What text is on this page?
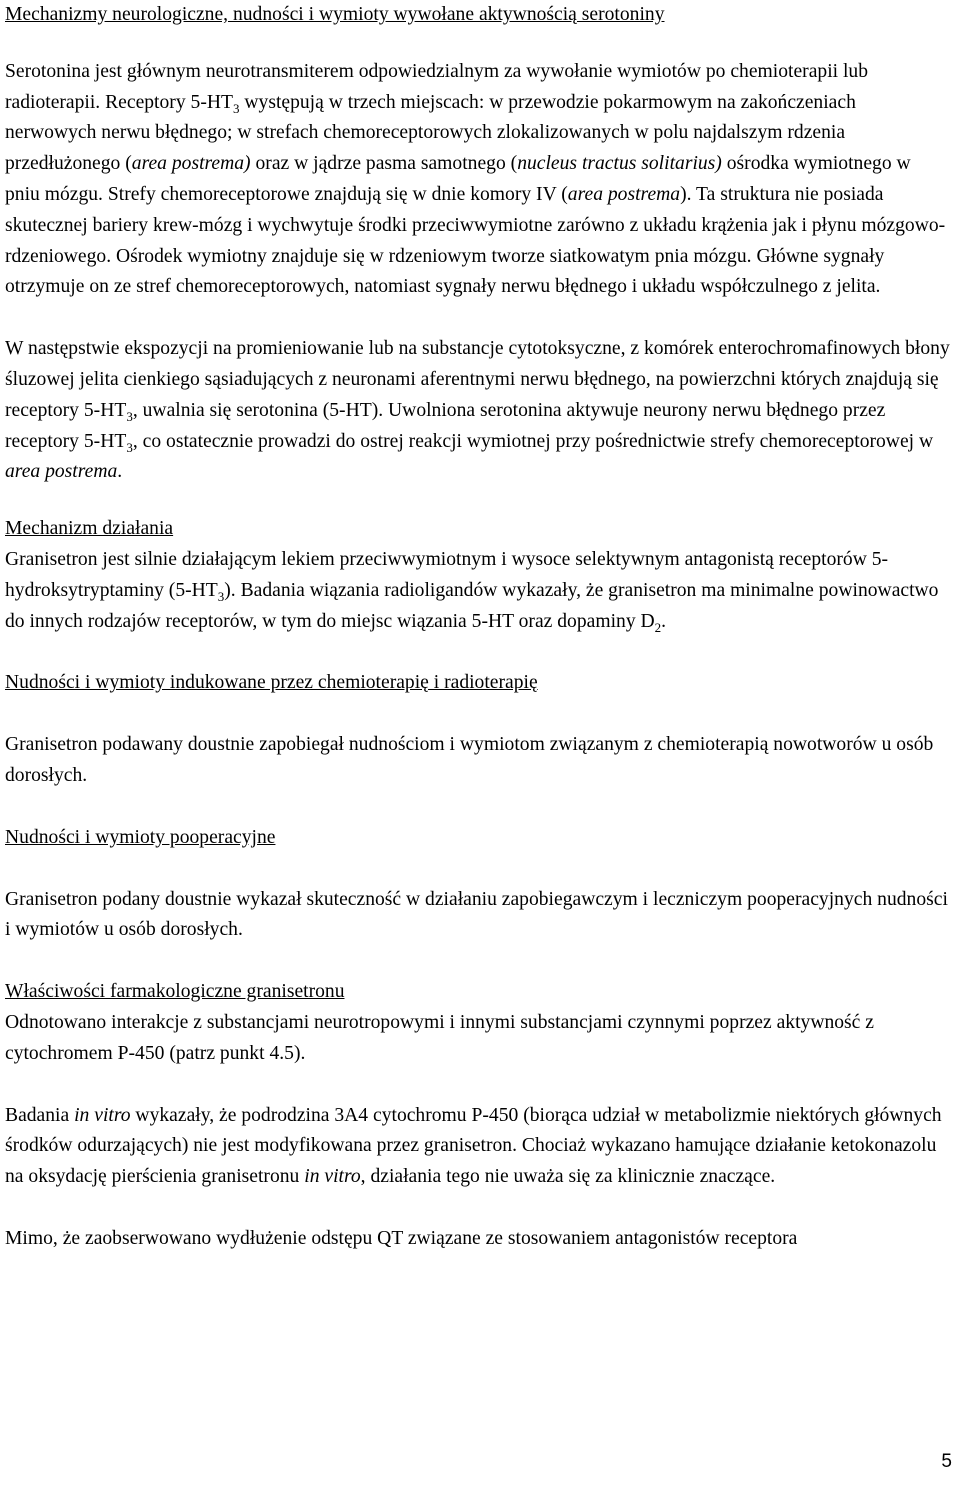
Mechanizmy neurologiczne, nudności i wymioty wywołane aktywnością serotoniny

Serotonina jest głównym neurotransmiterem odpowiedzialnym za wywołanie wymiotów po chemioterapii lub radioterapii. Receptory $5-HT_3$ występują w trzech miejscach: w przewodzie pokarmowym na zakończeniach nerwowych nerwu błędnego; w strefach chemoreceptorowych zlokalizowanych w polu najdalszym rdzenia przedłużonego (area postrema) oraz w jądrze pasma samotnego (nucleus tractus solitarius) ośrodka wymiotnego w pniu mózgu. Strefy chemoreceptorowe znajdują się w dnie komory IV (area postrema). Ta struktura nie posiada skutecznej bariery krew-mózg i wychwytuje środki przeciwwymiotne zarówno z układu krążenia jak i płynu mózgowo-rdzeniowego. Ośrodek wymiotny znajduje się w rdzeniowym tworze siatkowatym pnia mózgu. Główne sygnały otrzymuje on ze stref chemoreceptorowych, natomiast sygnały nerwu błędnego i układu współczulnego z jelita.

W następstwie ekspozycji na promieniowanie lub na substancje cytotoksyczne, z komórek enterochromafinowych błony śluzowej jelita cienkiego sąsiadujących z neuronami aferentnymi nerwu błędnego, na powierzchni których znajdują się receptory $5-HT_3$, uwalnia się serotonina (5-HT). Uwolniona serotonina aktywuje neurony nerwu błędnego przez receptory $5-HT_3$, co ostatecznie prowadzi do ostrej reakcji wymiotnej przy pośrednictwie strefy chemoreceptorowej w area postrema.

Mechanizm działania

Granisetron jest silnie działającym lekiem przeciwwymiotnym i wysoce selektywnym antagonistą receptorów 5-hydroksytryptaminy $(5-HT_3)$. Badania wiązania radioligandów wykazały, że granisetron ma minimalne powinowactwo do innych rodzajów receptorów, w tym do miejsc wiązania 5-HT oraz dopaminy $D_2$.

Nudności i wymioty indukowane przez chemioterapię i radioterapię

Granisetron podawany doustnie zapobiegał nudnościom i wymiotom związanym z chemioterapią nowotworów u osób dorosłych.

Nudności i wymioty pooperacyjne

Granisetron podany doustnie wykazał skuteczność w działaniu zapobiegawczym i leczniczym pooperacyjnych nudności i wymiotów u osób dorosłych.

Właściwości farmakologiczne granisetronu

Odnotowano interakcje z substancjami neurotropowymi i innymi substancjami czynnymi poprzez aktywność z cytochromem P-450 (patrz punkt 4.5).

Badania in vitro wykazały, że podrodzina 3A4 cytochromu P-450 (biorąca udział w metabolizmie niektórych głównych środków odurzających) nie jest modyfikowana przez granisetron. Chociaż wykazano hamujące działanie ketokonazolu na oksydację pierścienia granisetronu in vitro, działania tego nie uważa się za klinicznie znaczące.

Mimo, że zaobserwowano wydłużenie odstępu QT związane ze stosowaniem antagonistów receptora

5
